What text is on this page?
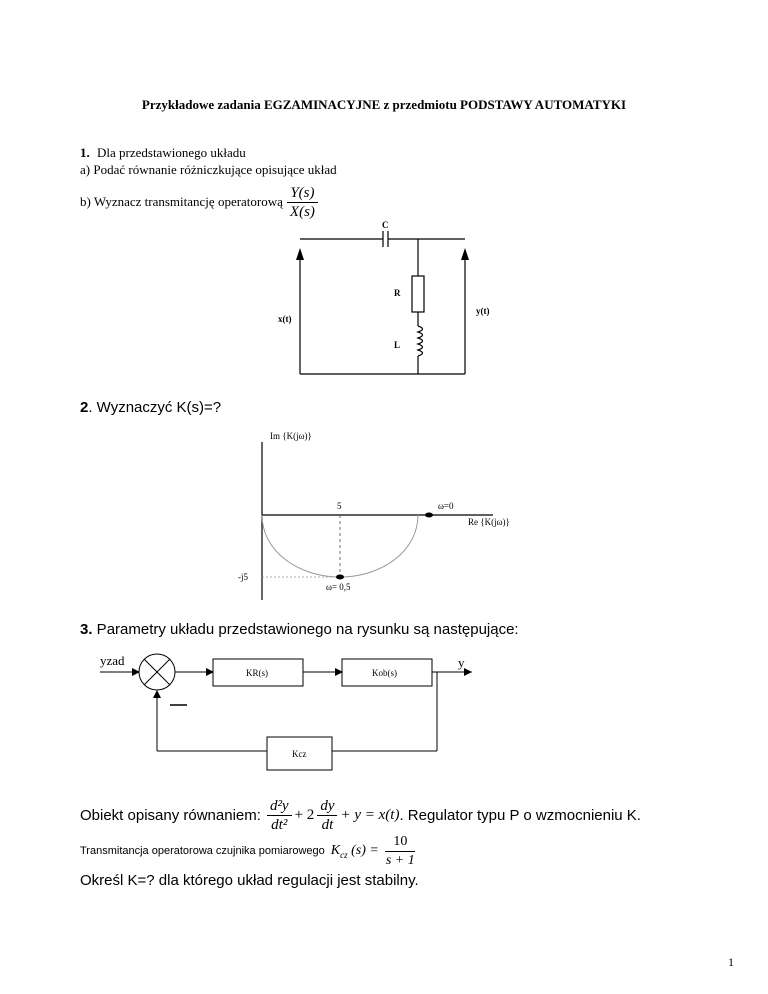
Przykładowe zadania EGZAMINACYJNE z przedmiotu PODSTAWY AUTOMATYKI
1. Dla przedstawionego układu
a) Podać równanie różniczkujące opisujące układ
b) Wyznacz transmitancję operatorową $\frac{Y(s)}{X(s)}$
C
R
L
x(t)
y(t)
2. Wyznaczyć K(s)=?
Im {K(jω)}
Re {K(jω)}
5	ω=0
-j5
ω= 0,5
3. Parametry układu przedstawionego na rysunku są następujące:
yzad	y
KR(s)	Kob(s)
Kcz
Obiekt opisany równaniem: $\frac{\text{d²y}}{\text{dt²}} + 2 \frac{dy}{dt} + y = x(t)$ . Regulator typu P o wzmocnieniu K.
Transmitancja operatorowa czujnika pomiarowego $K_{cz}$ $(s) = \frac{10}{s + 1}$
Określ K=? dla którego układ regulacji jest stabilny.
1
